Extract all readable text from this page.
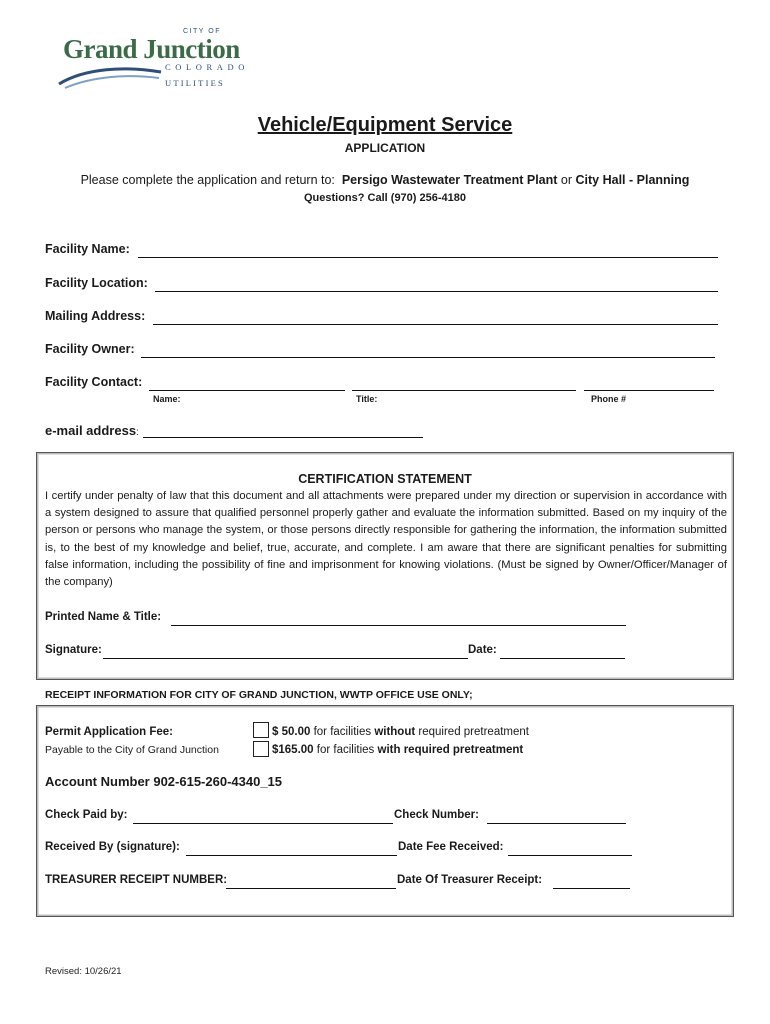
CITY OF
Grand Junction
COLORADO
UTILITIES
Vehicle/Equipment Service
APPLICATION
Please complete the application and return to: Persigo Wastewater Treatment Plant or City Hall - Planning
Questions? Call (970) 256-4180
Facility Name:
Facility Location:
Mailing Address:
Facility Owner:
Facility Contact:
Name:	Title:	Phone #
e-mail address:
CERTIFICATION STATEMENT
I certify under penalty of law that this document and all attachments were prepared under my direction or supervision in accordance with a system designed to assure that qualified personnel properly gather and evaluate the information submitted. Based on my inquiry of the person or persons who manage the system, or those persons directly responsible for gathering the information, the information submitted is, to the best of my knowledge and belief, true, accurate, and complete. I am aware that there are significant penalties for submitting false information, including the possibility of fine and imprisonment for knowing violations. (Must be signed by Owner/Officer/Manager of the company)
Printed Name & Title:
Signature:	Date:
RECEIPT INFORMATION FOR CITY OF GRAND JUNCTION, WWTP OFFICE USE ONLY;
Permit Application Fee:
Payable to the City of Grand Junction
$ 50.00 for facilities without required pretreatment
$165.00 for facilities with required pretreatment
Account Number 902-615-260-4340_15
Check Paid by:	Check Number:
Received By (signature):	Date Fee Received:
TREASURER RECEIPT NUMBER:	Date Of Treasurer Receipt:
Revised: 10/26/21
